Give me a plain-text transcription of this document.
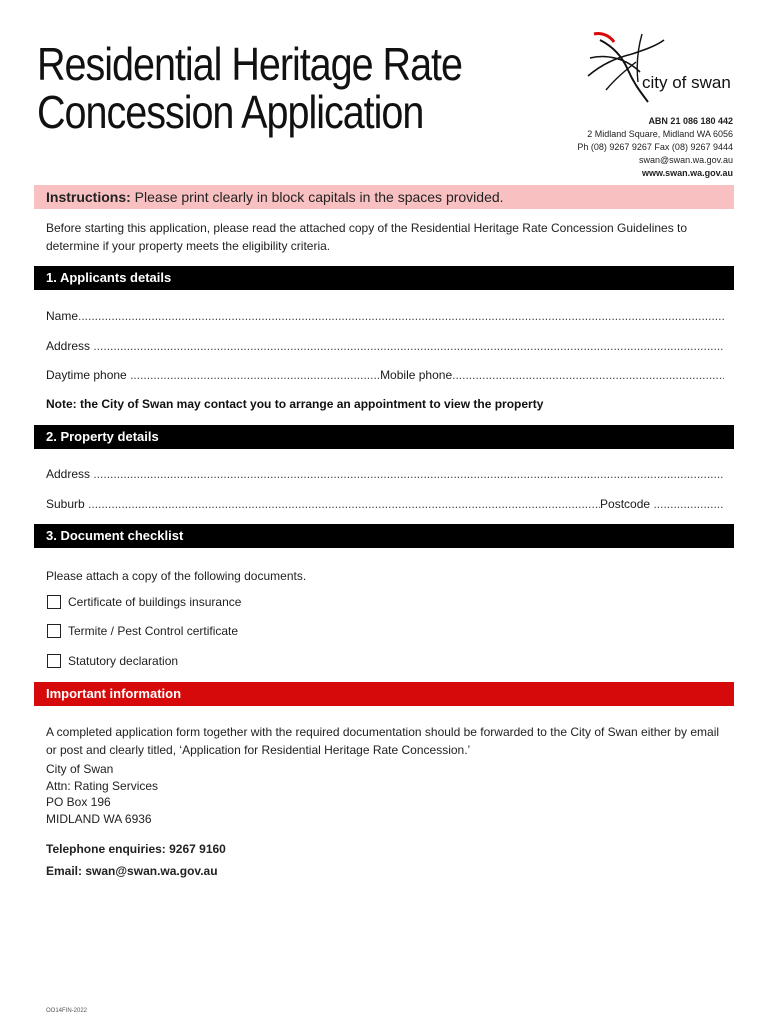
Residential Heritage Rate
Concession Application
city of swan
ABN 21 086 180 442
2 Midland Square, Midland WA 6056
Ph (08) 9267 9267 Fax (08) 9267 9444
swan@swan.wa.gov.au
www.swan.wa.gov.au
Instructions: Please print clearly in block capitals in the spaces provided.
Before starting this application, please read the attached copy of the Residential Heritage Rate Concession Guidelines to determine if your property meets the eligibility criteria.
1. Applicants details
Name
.....
Address

.....
Daytime phone
.....	Mobile phone
.....
Note: the City of Swan may contact you to arrange an appointment to view the property
2. Property details
Address

.....
Suburb
.....	Postcode

.....
3. Document checklist
Please attach a copy of the following documents.
Certificate of buildings insurance
Termite / Pest Control certificate
Statutory declaration
Important information
A completed application form together with the required documentation should be forwarded to the City of Swan either by email or post and clearly titled, ‘Application for Residential Heritage Rate Concession.’
City of Swan
Attn: Rating Services
PO Box 196
MIDLAND WA 6936
Telephone enquiries: 9267 9160
Email: swan@swan.wa.gov.au
OO14FIN-2022
